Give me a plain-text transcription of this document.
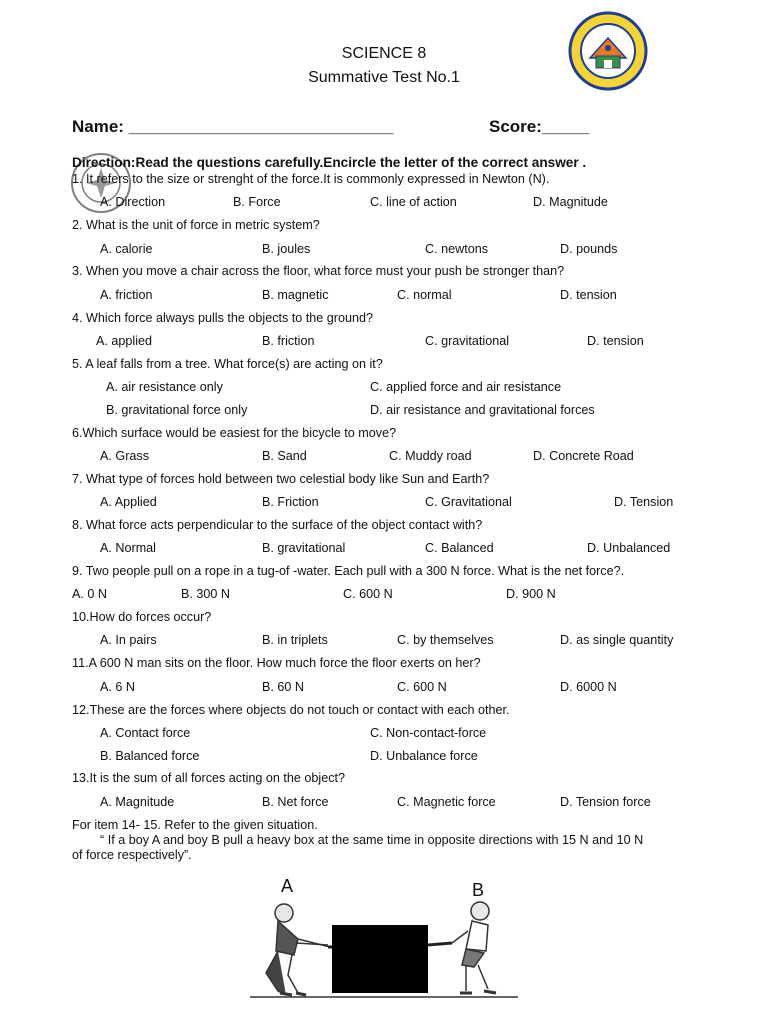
SCIENCE 8
Summative Test No.1
Name: ____________________________	Score:_____
Direction:Read the questions carefully.Encircle the letter of the correct answer .
1. It refers to the size or strenght of the force.It is commonly expressed in Newton (N).
A. Direction	B. Force	C. line of action	D. Magnitude
2. What is the unit of force in metric system?
A. calorie	B. joules	C. newtons	D. pounds
3. When you move a chair across the floor, what force must your push be stronger than?
A. friction	B. magnetic	C. normal	D. tension
4. Which force always pulls the objects to the ground?
A. applied	B. friction	C. gravitational	D. tension
5. A leaf falls from a tree. What force(s) are acting on it?
A. air resistance only	C. applied force and air resistance
B. gravitational force only	D. air resistance and gravitational forces
6.Which surface would be easiest for the bicycle to move?
A. Grass	B. Sand	C. Muddy road	D. Concrete Road
7. What type of forces hold between two celestial body like Sun and Earth?
A. Applied	B. Friction	C. Gravitational	D. Tension
8. What force acts perpendicular to the surface of the object contact with?
A. Normal	B. gravitational	C. Balanced	D. Unbalanced
9. Two people pull on a rope in a tug-of -water. Each pull with a 300 N force. What is the net force?.
A. 0 N	B. 300 N	C. 600 N	D. 900 N
10.How do forces occur?
A. In pairs	B. in triplets	C. by themselves	D. as single quantity
11.A 600 N man sits on the floor. How much force the floor exerts on her?
A. 6 N	B. 60 N	C. 600 N	D. 6000 N
12.These are the forces where objects do not touch or contact with each other.
A. Contact force	C. Non-contact-force
B. Balanced force	D. Unbalance force
13.It is the sum of all forces acting on the object?
A. Magnitude	B. Net force	C. Magnetic force	D. Tension force
For item 14- 15. Refer to the given situation.
“ If a boy A and boy B pull a heavy box at the same time in opposite directions with 15 N and 10 N
of force respectively”.
A	B
